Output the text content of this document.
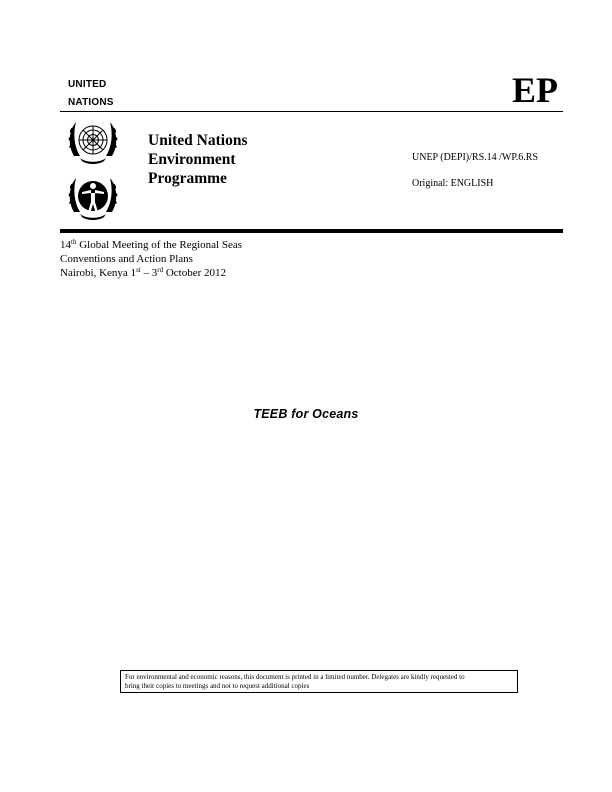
UNITED
NATIONS	EP
United Nations
Environment
Programme
UNEP (DEPI)/RS.14 /WP.6.RS
Original: ENGLISH
14th Global Meeting of the Regional Seas
Conventions and Action Plans
Nairobi, Kenya 1st – 3rd October 2012
TEEB for Oceans
For environmental and economic reasons, this document is printed in a limited number. Delegates are kindly requested to
bring their copies to meetings and not to request additional copies
